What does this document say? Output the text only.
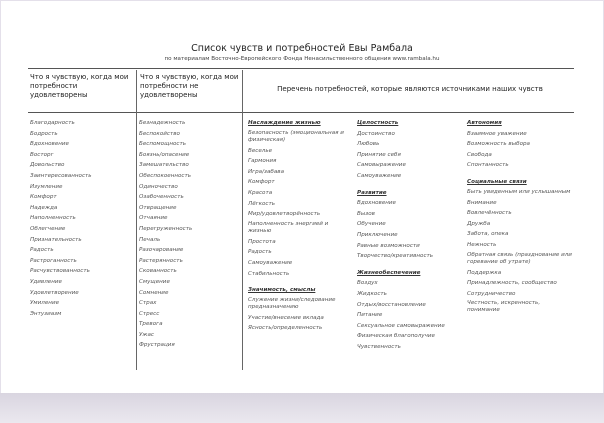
Список чувств и потребностей Евы Рамбала
по материалам Восточно-Европейского Фонда Ненасильственного общения www.rambala.hu
Что я чувствую, когда мои потребности удовлетворены
Что я чувствую, когда мои потребности не удовлетворены
Перечень потребностей, которые являются источниками наших чувств
Благодарность
Бодрость
Вдохновение
Восторг
Довольство
Заинтересованность
Изумление
Комфорт
Надежда
Наполненность
Облегчение
Признательность
Радость
Растроганность
Расчувствованность
Удивление
Удовлетворение
Умиление
Энтузиазм
Безнадежность
Беспокойство
Беспомощность
Боязнь/опасение
Замешательство
Обеспокоенность
Одиночество
Озабоченность
Отвращение
Отчаяние
Перегруженность
Печаль
Разочарование
Растерянность
Скованность
Смущение
Сомнение
Страх
Стресс
Тревога
Ужас
Фрустрация
Наслаждение жизнью
Безопасность (эмоциональная и физическая)
Веселье
Гармония
Игра/забава
Комфорт
Красота
Лёгкость
Мир/удовлетворённость
Наполненность энергией и жизнью
Простота
Радость
Самоуважение
Стабильность
Значимость, смыслы
Служение жизни/следование предназначению
Участие/внесение вклада
Ясность/определенность
Целостность
Достоинство
Любовь
Принятие себя
Самовыражение
Самоуважение
Развитие
Вдохновение
Вызов
Обучение
Приключение
Равные возможности
Творчество/креативность
Жизнеобеспечение
Воздух
Жидкость
Отдых/восстановление
Питание
Сексуальное самовыражение
Физическая благополучие
Чувственность
Автономия
Взаимное уважение
Возможность выбора
Свобода
Спонтанность
Социальные связи
Быть увиденным или услышанным
Внимание
Вовлечённость
Дружба
Забота, опека
Нежность
Обратная связь (празднование или горевание об утрате)
Поддержка
Принадлежность, сообщество
Сотрудничество
Честность, искренность, понимание
